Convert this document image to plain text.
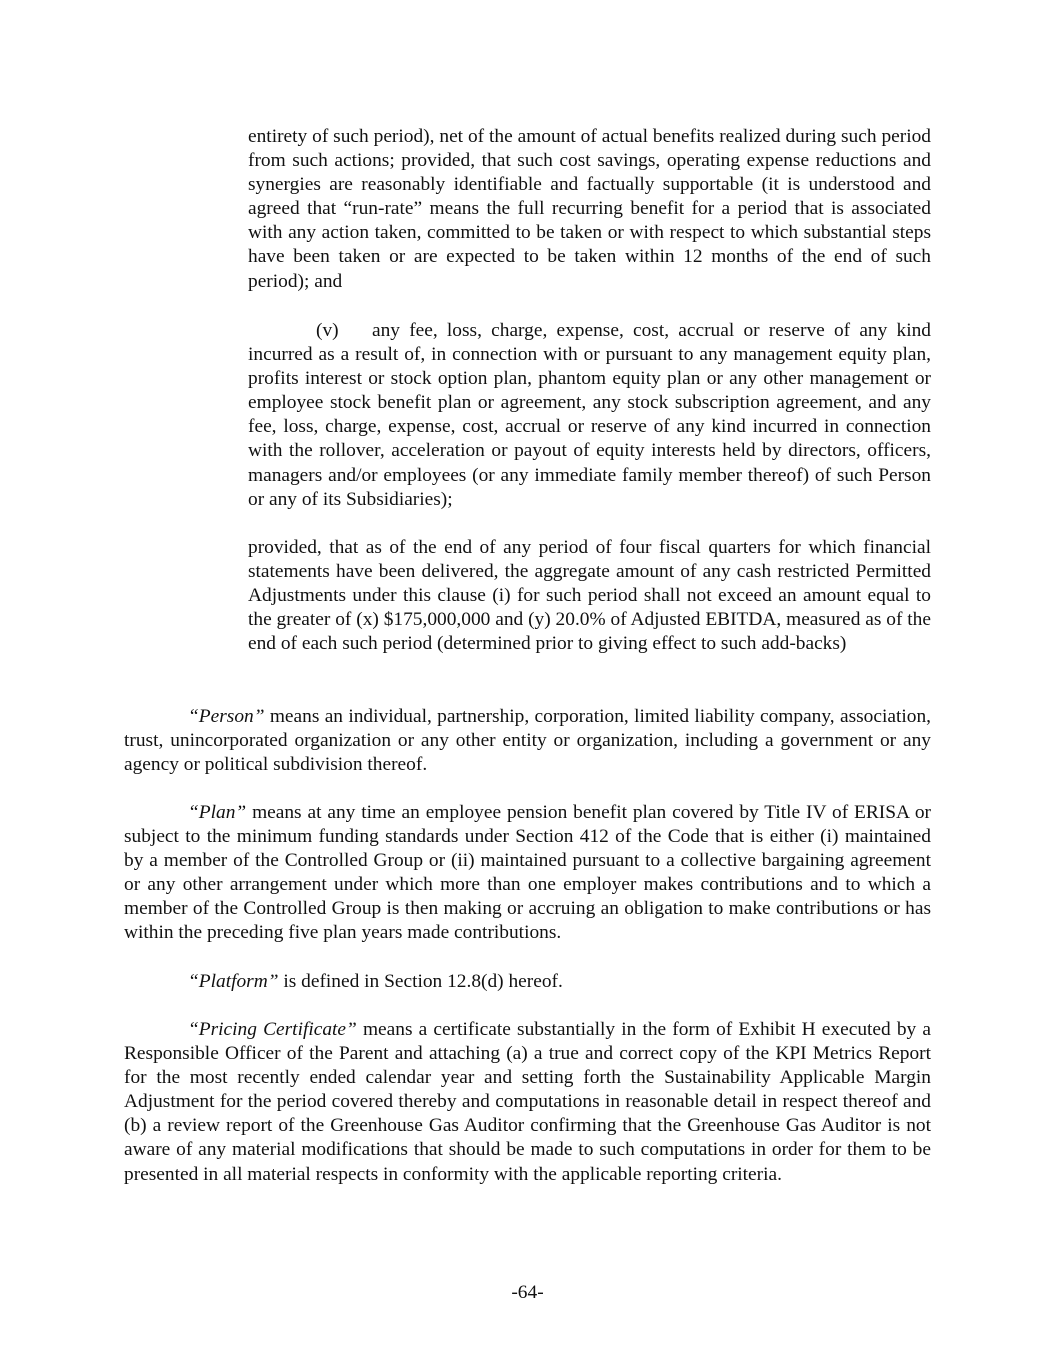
entirety of such period), net of the amount of actual benefits realized during such period from such actions; provided, that such cost savings, operating expense reductions and synergies are reasonably identifiable and factually supportable (it is understood and agreed that “run-rate” means the full recurring benefit for a period that is associated with any action taken, committed to be taken or with respect to which substantial steps have been taken or are expected to be taken within 12 months of the end of such period); and

(v) any fee, loss, charge, expense, cost, accrual or reserve of any kind incurred as a result of, in connection with or pursuant to any management equity plan, profits interest or stock option plan, phantom equity plan or any other management or employee stock benefit plan or agreement, any stock subscription agreement, and any fee, loss, charge, expense, cost, accrual or reserve of any kind incurred in connection with the rollover, acceleration or payout of equity interests held by directors, officers, managers and/or employees (or any immediate family member thereof) of such Person or any of its Subsidiaries);

provided, that as of the end of any period of four fiscal quarters for which financial statements have been delivered, the aggregate amount of any cash restricted Permitted Adjustments under this clause (i) for such period shall not exceed an amount equal to the greater of (x) $175,000,000 and (y) 20.0% of Adjusted EBITDA, measured as of the end of each such period (determined prior to giving effect to such add-backs)

“Person” means an individual, partnership, corporation, limited liability company, association, trust, unincorporated organization or any other entity or organization, including a government or any agency or political subdivision thereof.

“Plan” means at any time an employee pension benefit plan covered by Title IV of ERISA or subject to the minimum funding standards under Section 412 of the Code that is either (i) maintained by a member of the Controlled Group or (ii) maintained pursuant to a collective bargaining agreement or any other arrangement under which more than one employer makes contributions and to which a member of the Controlled Group is then making or accruing an obligation to make contributions or has within the preceding five plan years made contributions.

“Platform” is defined in Section 12.8(d) hereof.

“Pricing Certificate” means a certificate substantially in the form of Exhibit H executed by a Responsible Officer of the Parent and attaching (a) a true and correct copy of the KPI Metrics Report for the most recently ended calendar year and setting forth the Sustainability Applicable Margin Adjustment for the period covered thereby and computations in reasonable detail in respect thereof and (b) a review report of the Greenhouse Gas Auditor confirming that the Greenhouse Gas Auditor is not aware of any material modifications that should be made to such computations in order for them to be presented in all material respects in conformity with the applicable reporting criteria.

-64-
